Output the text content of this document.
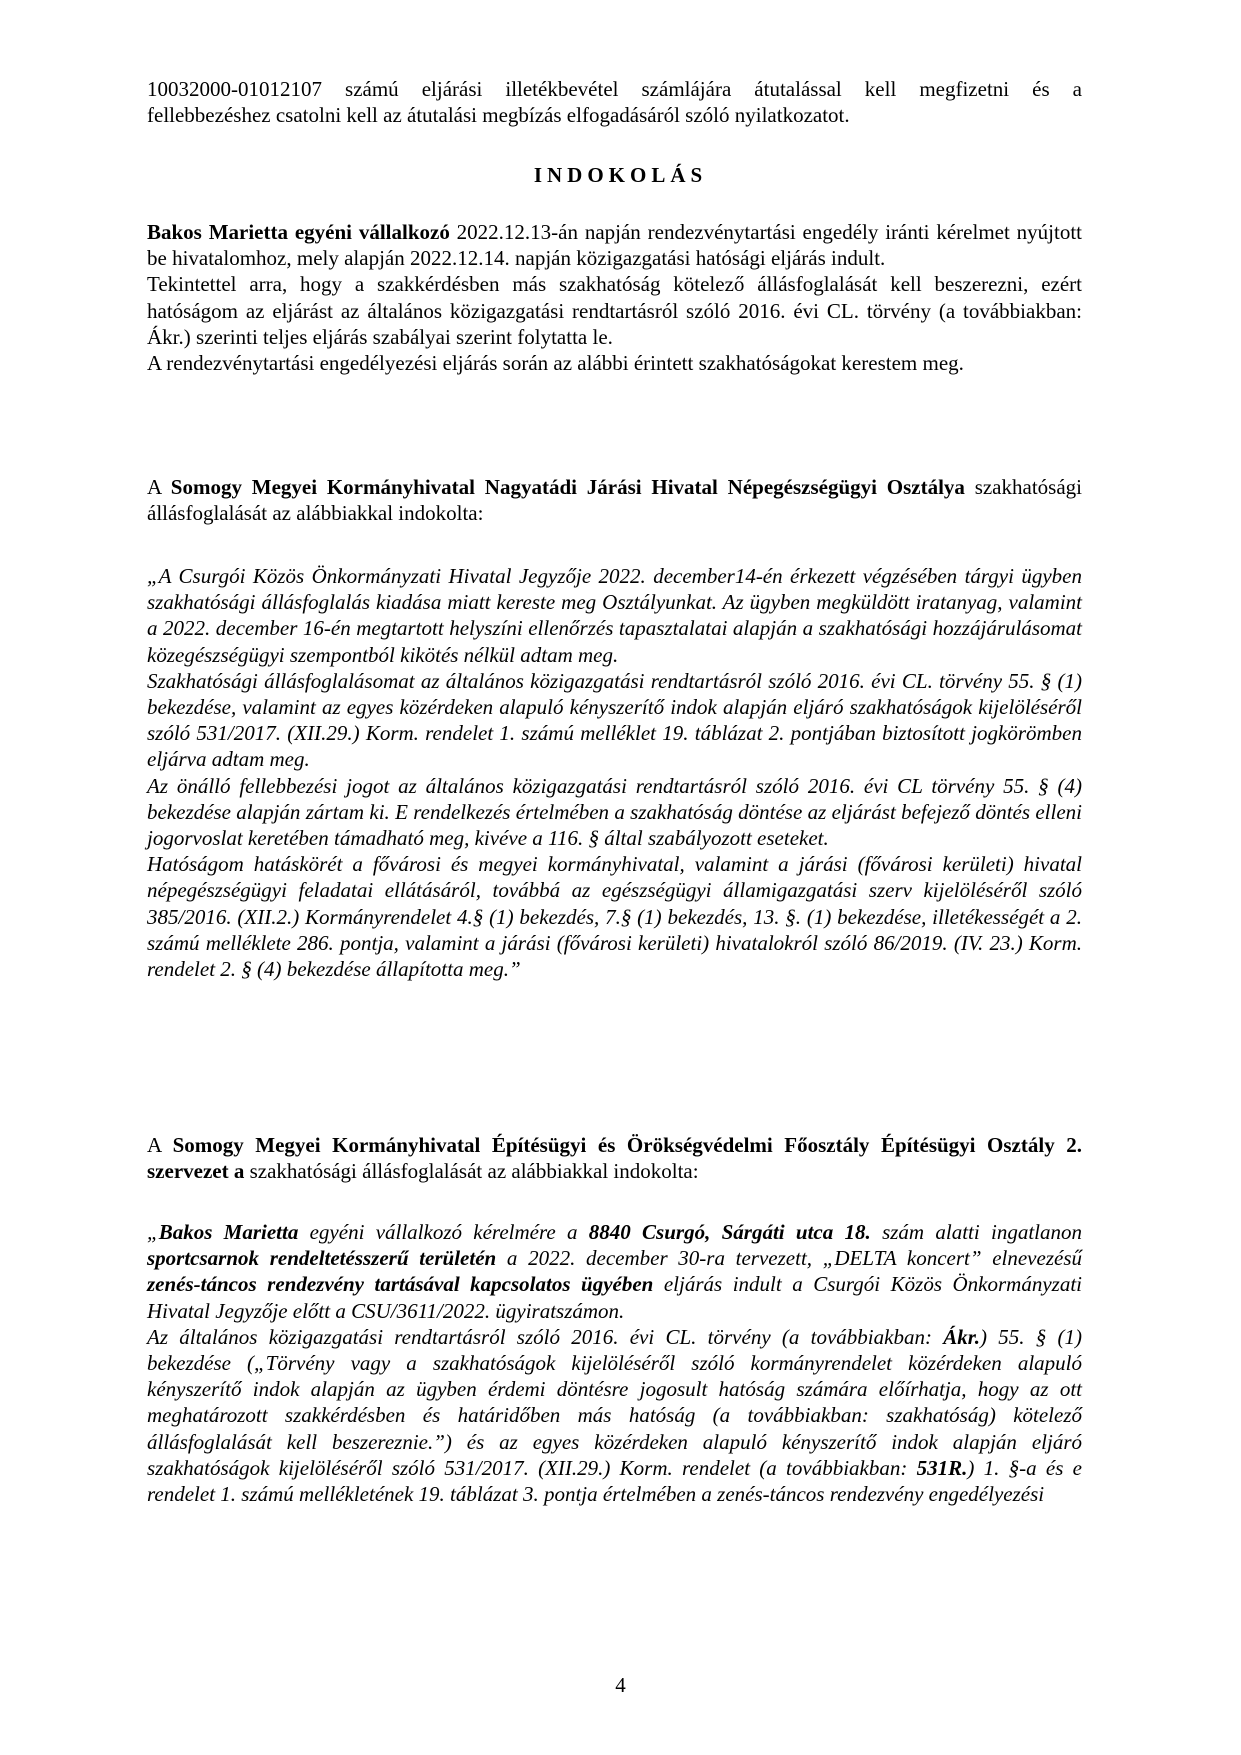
10032000-01012107 számú eljárási illetékbevétel számlájára átutalással kell megfizetni és a

fellebbezéshez csatolni kell az átutalási megbízás elfogadásáról szóló nyilatkozatot.

INDOKOLÁS

Bakos Marietta egyéni vállalkozó 2022.12.13-án napján rendezvénytartási engedély iránti kérelmet nyújtott be hivatalomhoz, mely alapján 2022.12.14. napján közigazgatási hatósági eljárás indult.

Tekintettel arra, hogy a szakkérdésben más szakhatóság kötelező állásfoglalását kell beszerezni, ezért hatóságom az eljárást az általános közigazgatási rendtartásról szóló 2016. évi CL. törvény (a továbbiakban: Ákr.) szerinti teljes eljárás szabályai szerint folytatta le.

A rendezvénytartási engedélyezési eljárás során az alábbi érintett szakhatóságokat kerestem meg.

A Somogy Megyei Kormányhivatal Nagyatádi Járási Hivatal Népegészségügyi Osztálya szakhatósági állásfoglalását az alábbiakkal indokolta:

„A Csurgói Közös Önkormányzati Hivatal Jegyzője 2022. december14-én érkezett végzésében tárgyi ügyben szakhatósági állásfoglalás kiadása miatt kereste meg Osztályunkat. Az ügyben megküldött iratanyag, valamint a 2022. december 16-én megtartott helyszíni ellenőrzés tapasztalatai alapján a szakhatósági hozzájárulásomat közegészségügyi szempontból kikötés nélkül adtam meg.

Szakhatósági állásfoglalásomat az általános közigazgatási rendtartásról szóló 2016. évi CL. törvény 55. § (1) bekezdése, valamint az egyes közérdeken alapuló kényszerítő indok alapján eljáró szakhatóságok kijelöléséről szóló 531/2017. (XII.29.) Korm. rendelet 1. számú melléklet 19. táblázat 2. pontjában biztosított jogkörömben eljárva adtam meg.

Az önálló fellebbezési jogot az általános közigazgatási rendtartásról szóló 2016. évi CL törvény 55. § (4) bekezdése alapján zártam ki. E rendelkezés értelmében a szakhatóság döntése az eljárást befejező döntés elleni jogorvoslat keretében támadható meg, kivéve a 116. § által szabályozott eseteket.

Hatóságom hatáskörét a fővárosi és megyei kormányhivatal, valamint a járási (fővárosi kerületi) hivatal népegészségügyi feladatai ellátásáról, továbbá az egészségügyi államigazgatási szerv kijelöléséről szóló 385/2016. (XII.2.) Kormányrendelet 4.§ (1) bekezdés, 7.§ (1) bekezdés, 13. §. (1) bekezdése, illetékességét a 2. számú melléklete 286. pontja, valamint a járási (fővárosi kerületi) hivatalokról szóló 86/2019. (IV. 23.) Korm. rendelet 2. § (4) bekezdése állapította meg.”

A Somogy Megyei Kormányhivatal Építésügyi és Örökségvédelmi Főosztály Építésügyi Osztály 2. szervezet a szakhatósági állásfoglalását az alábbiakkal indokolta:

„Bakos Marietta egyéni vállalkozó kérelmére a 8840 Csurgó, Sárgáti utca 18. szám alatti ingatlanon sportcsarnok rendeltetésszerű területén a 2022. december 30-ra tervezett, „DELTA koncert” elnevezésű zenés-táncos rendezvény tartásával kapcsolatos ügyében eljárás indult a Csurgói Közös Önkormányzati Hivatal Jegyzője előtt a CSU/3611/2022. ügyiratszámon.

Az általános közigazgatási rendtartásról szóló 2016. évi CL. törvény (a továbbiakban: Ákr.) 55. § (1) bekezdése („Törvény vagy a szakhatóságok kijelöléséről szóló kormányrendelet közérdeken alapuló kényszerítő indok alapján az ügyben érdemi döntésre jogosult hatóság számára előírhatja, hogy az ott meghatározott szakkérdésben és határidőben más hatóság (a továbbiakban: szakhatóság) kötelező állásfoglalását kell beszereznie.”) és az egyes közérdeken alapuló kényszerítő indok alapján eljáró szakhatóságok kijelöléséről szóló 531/2017. (XII.29.) Korm. rendelet (a továbbiakban: 531R.) 1. §-a és e rendelet 1. számú mellékletének 19. táblázat 3. pontja értelmében a zenés-táncos rendezvény engedélyezési

4
